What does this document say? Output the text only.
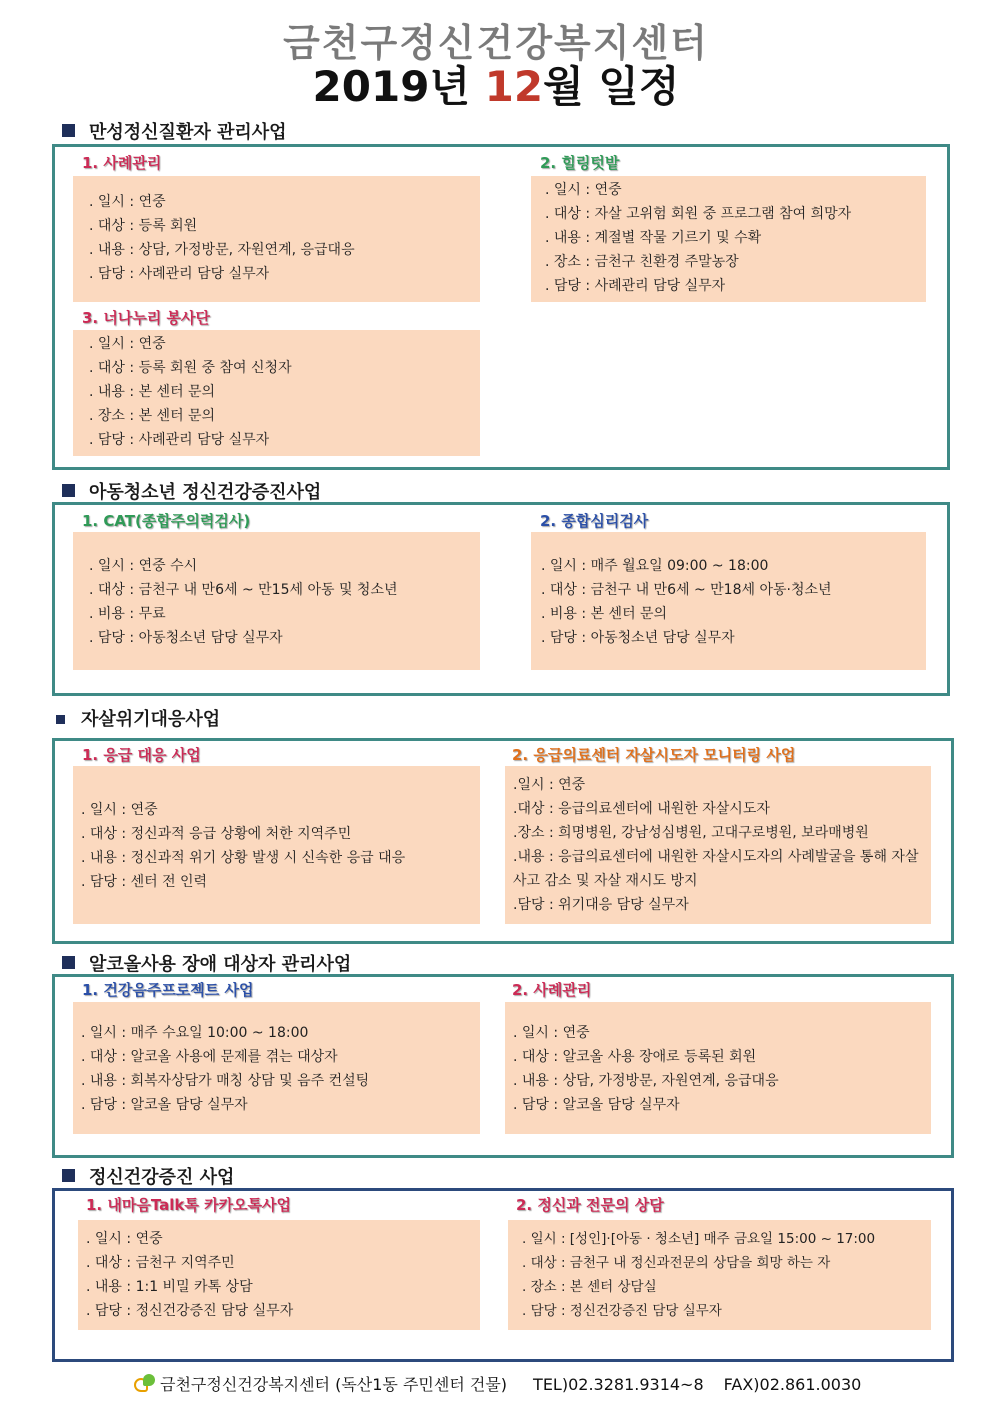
금천구정신건강복지센터
2019년 12월 일정
만성정신질환자 관리사업
1. 사례관리
. 일시 : 연중
. 대상 : 등록 회원
. 내용 : 상담, 가정방문, 자원연계, 응급대응
. 담당 : 사례관리 담당 실무자
2. 힐링텃밭
. 일시 : 연중
. 대상 : 자살 고위험 회원 중 프로그램 참여 희망자
. 내용 : 계절별 작물 기르기 및 수확
. 장소 : 금천구 친환경 주말농장
. 담당 : 사례관리 담당 실무자
3. 너나누리 봉사단
. 일시 : 연중
. 대상 : 등록 회원 중 참여 신청자
. 내용 : 본 센터 문의
. 장소 : 본 센터 문의
. 담당 : 사례관리 담당 실무자
아동청소년 정신건강증진사업
1. CAT(종합주의력검사)
. 일시 : 연중 수시
. 대상 : 금천구 내 만6세 ~ 만15세 아동 및 청소년
. 비용 : 무료
. 담당 : 아동청소년 담당 실무자
2. 종합심리검사
. 일시 : 매주 월요일 09:00 ~ 18:00
. 대상 : 금천구 내 만6세 ~ 만18세 아동·청소년
. 비용 : 본 센터 문의
. 담당 : 아동청소년 담당 실무자
자살위기대응사업
1. 응급 대응 사업
. 일시 : 연중
. 대상 : 정신과적 응급 상황에 처한 지역주민
. 내용 : 정신과적 위기 상황 발생 시 신속한 응급 대응
. 담당 : 센터 전 인력
2. 응급의료센터 자살시도자 모니터링 사업
.일시 : 연중
.대상 : 응급의료센터에 내원한 자살시도자
.장소 : 희명병원, 강남성심병원, 고대구로병원, 보라매병원
.내용 : 응급의료센터에 내원한 자살시도자의 사례발굴을 통해 자살사고 감소 및 자살 재시도 방지
.담당 : 위기대응 담당 실무자
알코올사용 장애 대상자 관리사업
1. 건강음주프로젝트 사업
. 일시 : 매주 수요일 10:00 ~ 18:00
. 대상 : 알코올 사용에 문제를 겪는 대상자
. 내용 : 회복자상담가 매칭 상담 및 음주 컨설팅
. 담당 : 알코올 담당 실무자
2. 사례관리
. 일시 : 연중
. 대상 : 알코올 사용 장애로 등록된 회원
. 내용 : 상담, 가정방문, 자원연계, 응급대응
. 담당 : 알코올 담당 실무자
정신건강증진 사업
1. 내마음Talk톡 카카오톡사업
. 일시 : 연중
. 대상 : 금천구 지역주민
. 내용 : 1:1 비밀 카톡 상담
. 담당 : 정신건강증진 담당 실무자
2. 정신과 전문의 상담
. 일시 : [성인]·[아동 · 청소년] 매주 금요일 15:00 ~ 17:00
. 대상 : 금천구 내 정신과전문의 상담을 희망 하는 자
. 장소 : 본 센터 상담실
. 담당 : 정신건강증진 담당 실무자
금천구정신건강복지센터 (독산1동 주민센터 건물) TEL)02.3281.9314~8 FAX)02.861.0030
